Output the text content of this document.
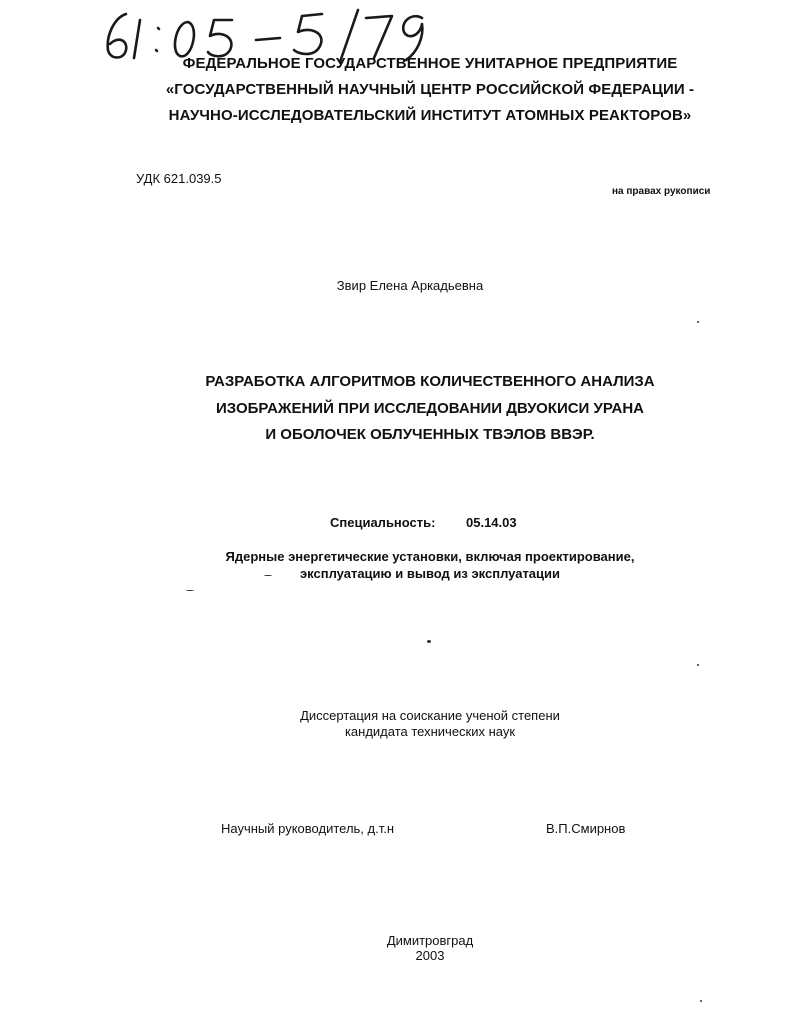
ФЕДЕРАЛЬНОЕ ГОСУДАРСТВЕННОЕ УНИТАРНОЕ ПРЕДПРИЯТИЕ
«ГОСУДАРСТВЕННЫЙ НАУЧНЫЙ ЦЕНТР РОССИЙСКОЙ ФЕДЕРАЦИИ -
НАУЧНО-ИССЛЕДОВАТЕЛЬСКИЙ ИНСТИТУТ АТОМНЫХ РЕАКТОРОВ»
УДК 621.039.5
на правах рукописи
Звир Елена Аркадьевна
РАЗРАБОТКА АЛГОРИТМОВ КОЛИЧЕСТВЕННОГО АНАЛИЗА
ИЗОБРАЖЕНИЙ ПРИ ИССЛЕДОВАНИИ ДВУОКИСИ УРАНА
И ОБОЛОЧЕК ОБЛУЧЕННЫХ ТВЭЛОВ ВВЭР.
Специальность: 05.14.03
Ядерные энергетические установки, включая проектирование,
эксплуатацию и вывод из эксплуатации
Диссертация на соискание ученой степени
кандидата технических наук
Научный руководитель, д.т.н	В.П.Смирнов
Димитровград
2003
